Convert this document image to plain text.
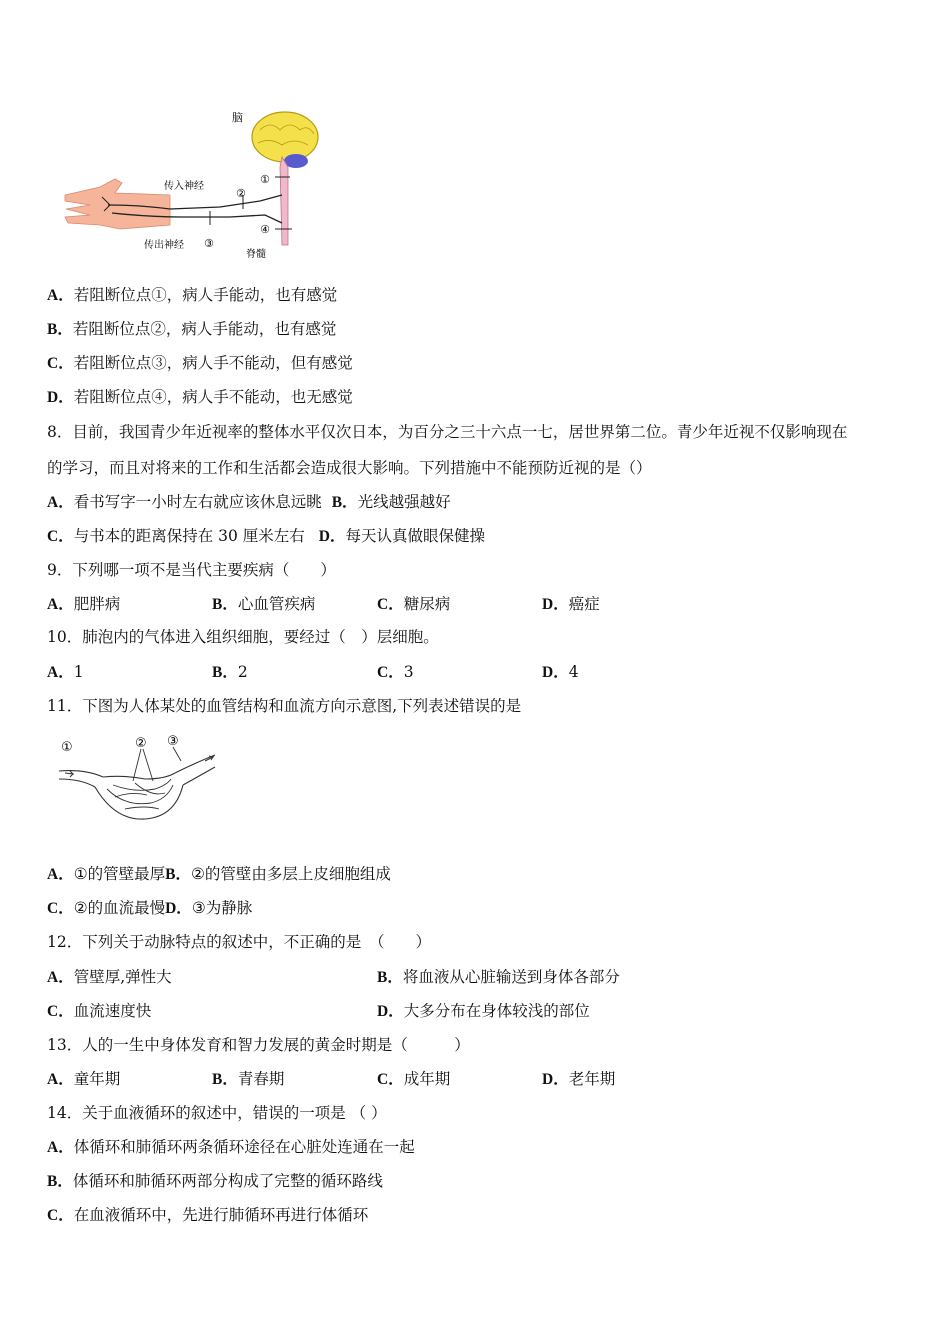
脑
传入神经
传出神经
脊髓
①
②
③
④
A．若阻断位点①，病人手能动，也有感觉
B．若阻断位点②，病人手能动，也有感觉
C．若阻断位点③，病人手不能动，但有感觉
D．若阻断位点④，病人手不能动，也无感觉
8．目前，我国青少年近视率的整体水平仅次日本，为百分之三十六点一七，居世界第二位。青少年近视不仅影响现在
的学习，而且对将来的工作和生活都会造成很大影响。下列措施中不能预防近视的是（）
A．看书写字一小时左右就应该休息远眺 B．光线越强越好
C．与书本的距离保持在 30 厘米左右 D．每天认真做眼保健操
9．下列哪一项不是当代主要疾病（　　）
A．肥胖病	B．心血管疾病	C．糖尿病	D．癌症
10．肺泡内的气体进入组织细胞，要经过（　）层细胞。
A．1	B．2	C．3	D．4
11．下图为人体某处的血管结构和血流方向示意图,下列表述错误的是
①	② ③
A．①的管壁最厚B．②的管壁由多层上皮细胞组成
C．②的血流最慢D．③为静脉
12．下列关于动脉特点的叙述中，不正确的是　（　　）
A．管壁厚,弹性大	B．将血液从心脏输送到身体各部分
C．血流速度快	D．大多分布在身体较浅的部位
13．人的一生中身体发育和智力发展的黄金时期是（　　　）
A．童年期	B．青春期	C．成年期	D．老年期
14．关于血液循环的叙述中，错误的一项是 （ ）
A．体循环和肺循环两条循环途径在心脏处连通在一起
B．体循环和肺循环两部分构成了完整的循环路线
C．在血液循环中，先进行肺循环再进行体循环
